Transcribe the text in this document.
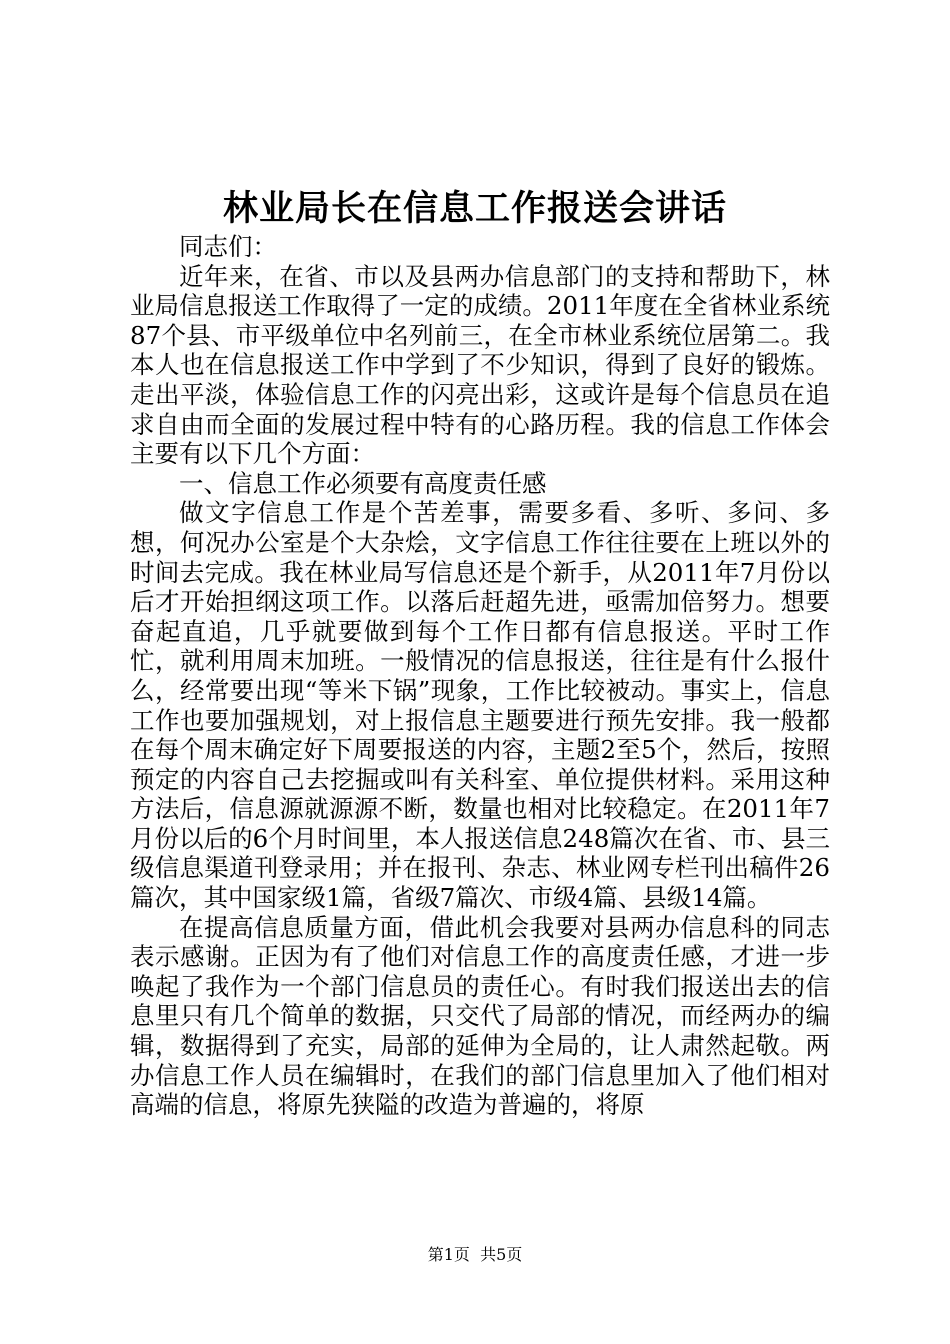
林业局长在信息工作报送会讲话

同志们：

近年来，在省、市以及县两办信息部门的支持和帮助下，林业局信息报送工作取得了一定的成绩。2011年度在全省林业系统87个县、市平级单位中名列前三，在全市林业系统位居第二。我本人也在信息报送工作中学到了不少知识，得到了良好的锻炼。走出平淡，体验信息工作的闪亮出彩，这或许是每个信息员在追求自由而全面的发展过程中特有的心路历程。我的信息工作体会主要有以下几个方面：

一、信息工作必须要有高度责任感

做文字信息工作是个苦差事，需要多看、多听、多问、多想，何况办公室是个大杂烩，文字信息工作往往要在上班以外的时间去完成。我在林业局写信息还是个新手，从2011年7月份以后才开始担纲这项工作。以落后赶超先进，亟需加倍努力。想要奋起直追，几乎就要做到每个工作日都有信息报送。平时工作忙，就利用周末加班。一般情况的信息报送，往往是有什么报什么，经常要出现“等米下锅”现象，工作比较被动。事实上，信息工作也要加强规划，对上报信息主题要进行预先安排。我一般都在每个周末确定好下周要报送的内容，主题2至5个，然后，按照预定的内容自己去挖掘或叫有关科室、单位提供材料。采用这种方法后，信息源就源源不断，数量也相对比较稳定。在2011年7月份以后的6个月时间里，本人报送信息248篇次在省、市、县三级信息渠道刊登录用；并在报刊、杂志、林业网专栏刊出稿件26篇次，其中国家级1篇，省级7篇次、市级4篇、县级14篇。

在提高信息质量方面，借此机会我要对县两办信息科的同志表示感谢。正因为有了他们对信息工作的高度责任感，才进一步唤起了我作为一个部门信息员的责任心。有时我们报送出去的信息里只有几个简单的数据，只交代了局部的情况，而经两办的编辑，数据得到了充实，局部的延伸为全局的，让人肃然起敬。两办信息工作人员在编辑时，在我们的部门信息里加入了他们相对高端的信息，将原先狭隘的改造为普遍的，将原

第1页  共5页
